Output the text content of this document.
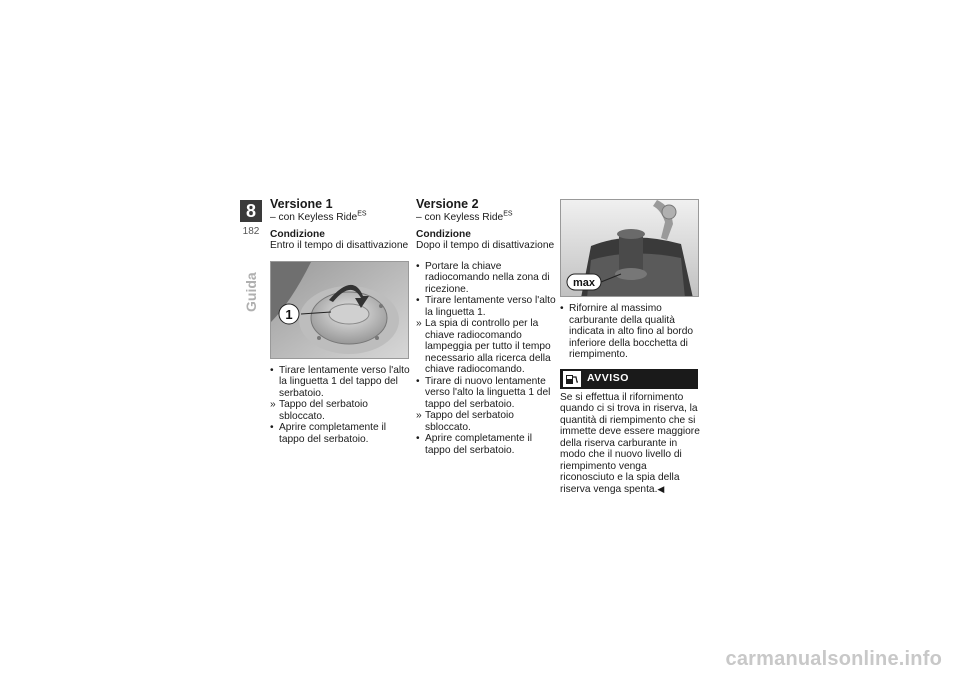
8
182
Guida
Versione 1
– con Keyless Ride$^{ES}$
Condizione
Entro il tempo di disattivazione
1
• Tirare lentamente verso l'alto la linguetta 1 del tappo del serbatoio.
» Tappo del serbatoio sbloccato.
• Aprire completamente il tappo del serbatoio.
Versione 2
– con Keyless Ride$^{ES}$
Condizione
Dopo il tempo di disattivazione
• Portare la chiave radiocomando nella zona di ricezione.
• Tirare lentamente verso l'alto la linguetta 1.
» La spia di controllo per la chiave radiocomando lampeggia per tutto il tempo necessario alla ricerca della chiave radiocomando.
• Tirare di nuovo lentamente verso l'alto la linguetta 1 del tappo del serbatoio.
» Tappo del serbatoio sbloccato.
• Aprire completamente il tappo del serbatoio.
max
• Rifornire al massimo carburante della qualità indicata in alto fino al bordo inferiore della bocchetta di riempimento.
AVVISO
Se si effettua il rifornimento quando ci si trova in riserva, la quantità di riempimento che si immette deve essere maggiore della riserva carburante in modo che il nuovo livello di riempimento venga riconosciuto e la spia della riserva venga spenta.◀
carmanualsonline.info
